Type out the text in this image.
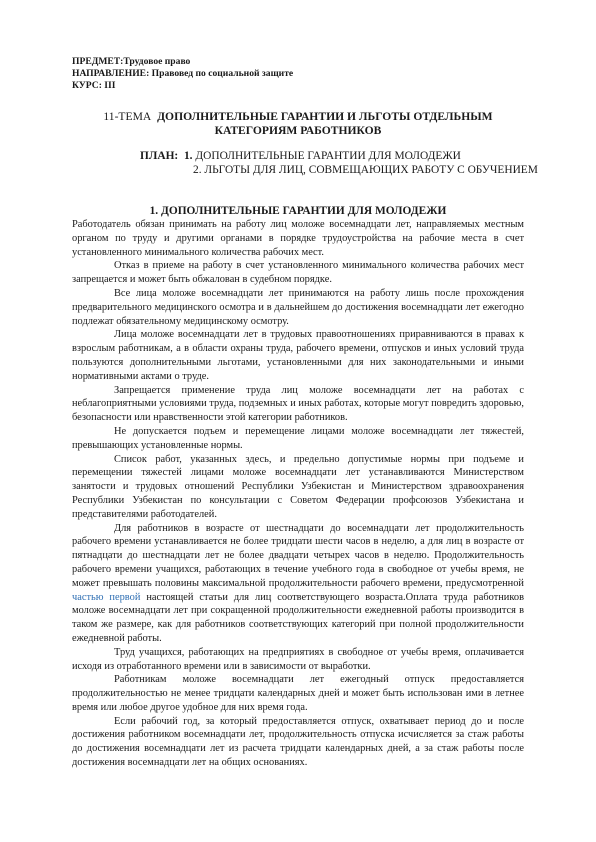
ПРЕДМЕТ:Трудовое право
НАПРАВЛЕНИЕ: Правовед по социальной защите
КУРС: III
11-ТЕМА ДОПОЛНИТЕЛЬНЫЕ ГАРАНТИИ И ЛЬГОТЫ ОТДЕЛЬНЫМ
КАТЕГОРИЯМ РАБОТНИКОВ
ПЛАН: 1. ДОПОЛНИТЕЛЬНЫЕ ГАРАНТИИ ДЛЯ МОЛОДЕЖИ
2. ЛЬГОТЫ ДЛЯ ЛИЦ, СОВМЕЩАЮЩИХ РАБОТУ С ОБУЧЕНИЕМ
1. ДОПОЛНИТЕЛЬНЫЕ ГАРАНТИИ ДЛЯ МОЛОДЕЖИ

Работодатель обязан принимать на работу лиц моложе восемнадцати лет, направляемых местным органом по труду и другими органами в порядке трудоустройства на рабочие места в счет установленного минимального количества рабочих мест.

Отказ в приеме на работу в счет установленного минимального количества рабочих мест запрещается и может быть обжалован в судебном порядке.

Все лица моложе восемнадцати лет принимаются на работу лишь после прохождения предварительного медицинского осмотра и в дальнейшем до достижения восемнадцати лет ежегодно подлежат обязательному медицинскому осмотру.

Лица моложе восемнадцати лет в трудовых правоотношениях приравниваются в правах к взрослым работникам, а в области охраны труда, рабочего времени, отпусков и иных условий труда пользуются дополнительными льготами, установленными для них законодательными и иными нормативными актами о труде.

Запрещается применение труда лиц моложе восемнадцати лет на работах с неблагоприятными условиями труда, подземных и иных работах, которые могут повредить здоровью, безопасности или нравственности этой категории работников.

Не допускается подъем и перемещение лицами моложе восемнадцати лет тяжестей, превышающих установленные нормы.

Список работ, указанных здесь, и предельно допустимые нормы при подъеме и перемещении тяжестей лицами моложе восемнадцати лет устанавливаются Министерством занятости и трудовых отношений Республики Узбекистан и Министерством здравоохранения Республики Узбекистан по консультации с Советом Федерации профсоюзов Узбекистана и представителями работодателей.

Для работников в возрасте от шестнадцати до восемнадцати лет продолжительность рабочего времени устанавливается не более тридцати шести часов в неделю, а для лиц в возрасте от пятнадцати до шестнадцати лет не более двадцати четырех часов в неделю. Продолжительность рабочего времени учащихся, работающих в течение учебного года в свободное от учебы время, не может превышать половины максимальной продолжительности рабочего времени, предусмотренной частью первой настоящей статьи для лиц соответствующего возраста.Оплата труда работников моложе восемнадцати лет при сокращенной продолжительности ежедневной работы производится в таком же размере, как для работников соответствующих категорий при полной продолжительности ежедневной работы.

Труд учащихся, работающих на предприятиях в свободное от учебы время, оплачивается исходя из отработанного времени или в зависимости от выработки.

Работникам моложе восемнадцати лет ежегодный отпуск предоставляется продолжительностью не менее тридцати календарных дней и может быть использован ими в летнее время или любое другое удобное для них время года.

Если рабочий год, за который предоставляется отпуск, охватывает период до и после достижения работником восемнадцати лет, продолжительность отпуска исчисляется за стаж работы до достижения восемнадцати лет из расчета тридцати календарных дней, а за стаж работы после достижения восемнадцати лет на общих основаниях.
